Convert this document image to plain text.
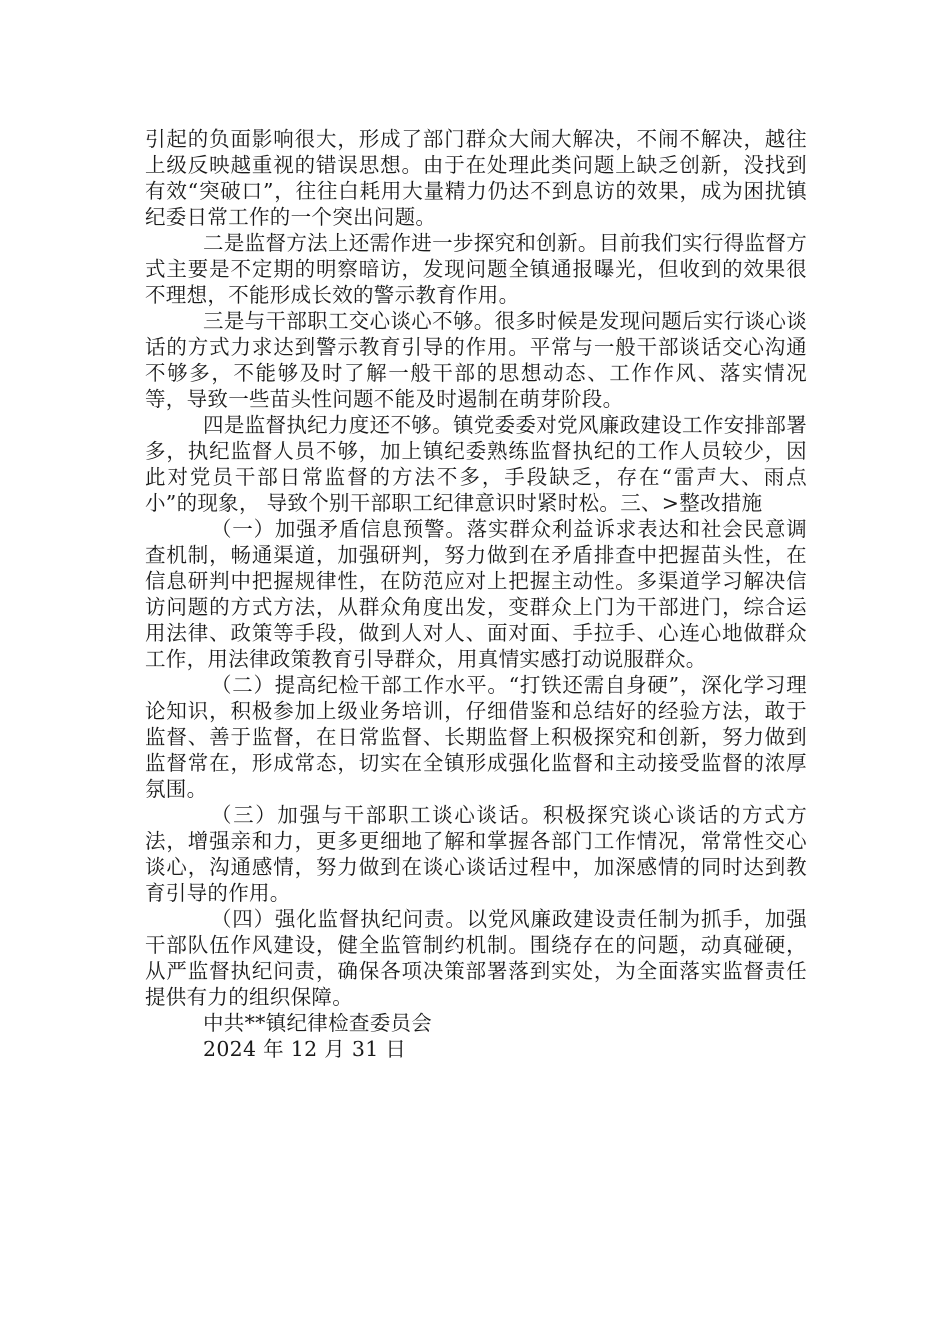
引起的负面影响很大，形成了部门群众大闹大解决，不闹不解决，越往上级反映越重视的错误思想。由于在处理此类问题上缺乏创新，没找到有效“突破口”，往往白耗用大量精力仍达不到息访的效果，成为困扰镇纪委日常工作的一个突出问题。

二是监督方法上还需作进一步探究和创新。目前我们实行得监督方式主要是不定期的明察暗访，发现问题全镇通报曝光，但收到的效果很不理想，不能形成长效的警示教育作用。

三是与干部职工交心谈心不够。很多时候是发现问题后实行谈心谈话的方式力求达到警示教育引导的作用。平常与一般干部谈话交心沟通不够多，不能够及时了解一般干部的思想动态、工作作风、落实情况等，导致一些苗头性问题不能及时遏制在萌芽阶段。

四是监督执纪力度还不够。镇党委委对党风廉政建设工作安排部署多，执纪监督人员不够，加上镇纪委熟练监督执纪的工作人员较少，因此对党员干部日常监督的方法不多，手段缺乏，存在“雷声大、雨点小”的现象， 导致个别干部职工纪律意识时紧时松。三、>整改措施

（一）加强矛盾信息预警。落实群众利益诉求表达和社会民意调查机制，畅通渠道，加强研判，努力做到在矛盾排查中把握苗头性，在信息研判中把握规律性，在防范应对上把握主动性。多渠道学习解决信访问题的方式方法，从群众角度出发，变群众上门为干部进门，综合运用法律、政策等手段，做到人对人、面对面、手拉手、心连心地做群众工作，用法律政策教育引导群众，用真情实感打动说服群众。

（二）提高纪检干部工作水平。“打铁还需自身硬”，深化学习理论知识，积极参加上级业务培训，仔细借鉴和总结好的经验方法，敢于监督、善于监督，在日常监督、长期监督上积极探究和创新，努力做到监督常在，形成常态，切实在全镇形成强化监督和主动接受监督的浓厚氛围。

（三）加强与干部职工谈心谈话。积极探究谈心谈话的方式方法，增强亲和力，更多更细地了解和掌握各部门工作情况，常常性交心谈心，沟通感情，努力做到在谈心谈话过程中，加深感情的同时达到教育引导的作用。

（四）强化监督执纪问责。以党风廉政建设责任制为抓手，加强干部队伍作风建设，健全监管制约机制。围绕存在的问题，动真碰硬，从严监督执纪问责，确保各项决策部署落到实处，为全面落实监督责任提供有力的组织保障。

中共**镇纪律检查委员会

2024 年 12 月 31 日
